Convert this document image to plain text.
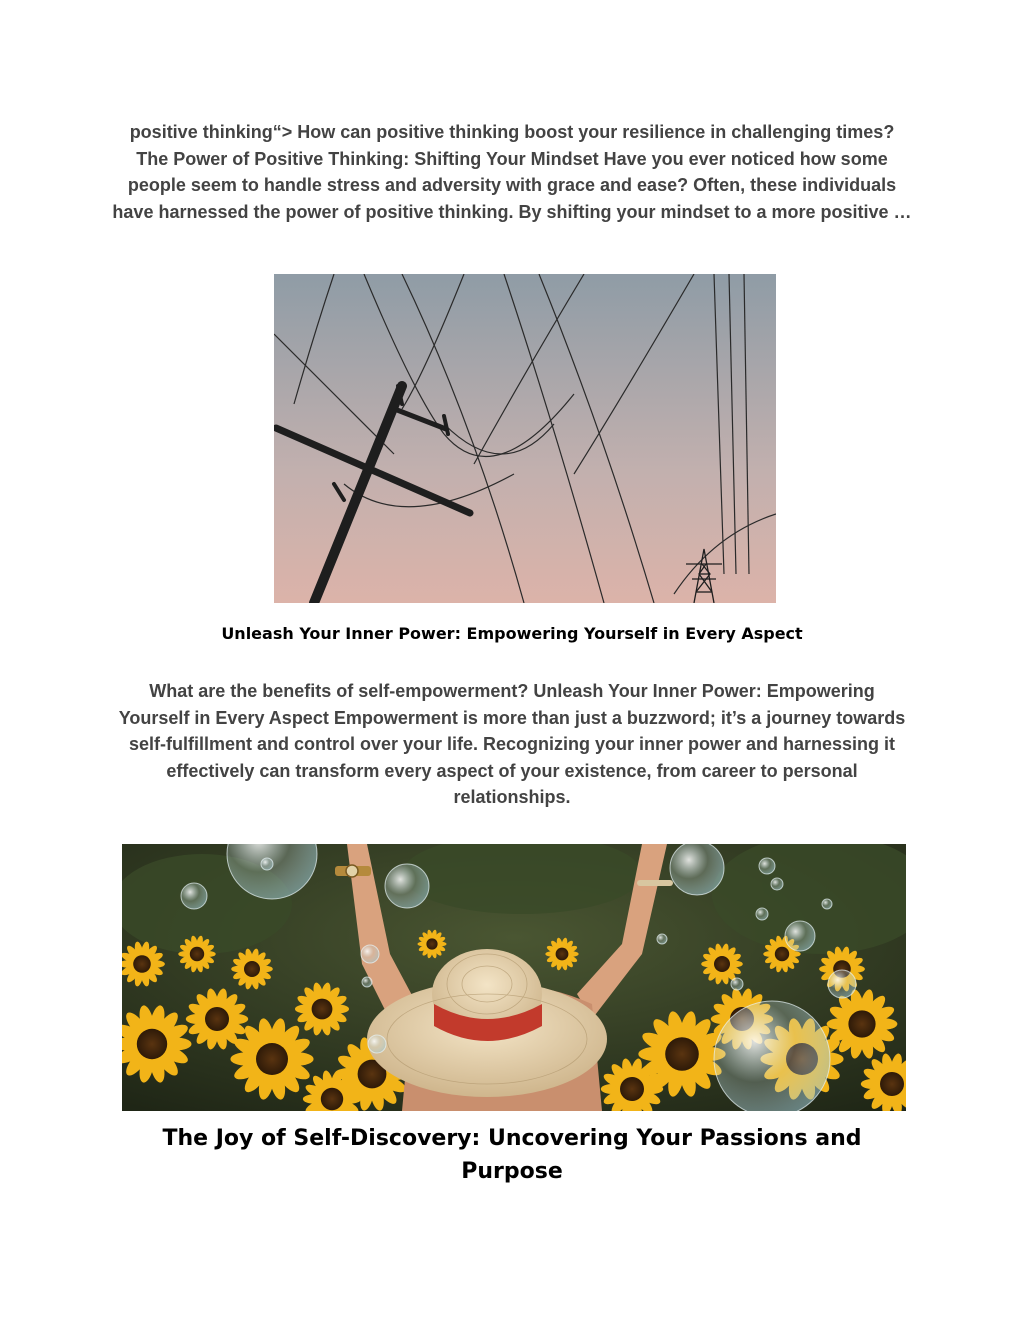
positive thinking“> How can positive thinking boost your resilience in challenging times? The Power of Positive Thinking: Shifting Your Mindset Have you ever noticed how some people seem to handle stress and adversity with grace and ease? Often, these individuals have harnessed the power of positive thinking. By shifting your mindset to a more positive …

Unleash Your Inner Power: Empowering Yourself in Every Aspect

What are the benefits of self-empowerment? Unleash Your Inner Power: Empowering Yourself in Every Aspect Empowerment is more than just a buzzword; it’s a journey towards self-fulfillment and control over your life. Recognizing your inner power and harnessing it effectively can transform every aspect of your existence, from career to personal relationships.

The Joy of Self-Discovery: Uncovering Your Passions and Purpose
